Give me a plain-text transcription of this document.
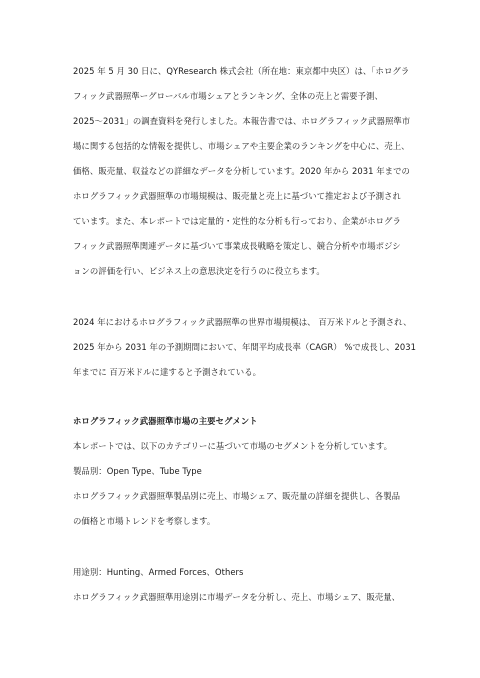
2025 年 5 月 30 日に、QYResearch 株式会社（所在地：東京都中央区）は、「ホログラ
フィック武器照準ーグローバル市場シェアとランキング、全体の売上と需要予測、
2025～2031」の調査資料を発行しました。本報告書では、ホログラフィック武器照準市
場に関する包括的な情報を提供し、市場シェアや主要企業のランキングを中心に、売上、
価格、販売量、収益などの詳細なデータを分析しています。2020 年から 2031 年までの
ホログラフィック武器照準の市場規模は、販売量と売上に基づいて推定および予測され
ています。また、本レポートでは定量的・定性的な分析も行っており、企業がホログラ
フィック武器照準関連データに基づいて事業成長戦略を策定し、競合分析や市場ポジシ
ョンの評価を行い、ビジネス上の意思決定を行うのに役立ちます。
2024 年におけるホログラフィック武器照準の世界市場規模は、 百万米ドルと予測され、
2025 年から 2031 年の予測期間において、年間平均成長率（CAGR） %で成長し、2031
年までに 百万米ドルに達すると予測されている。
ホログラフィック武器照準市場の主要セグメント
本レポートでは、以下のカテゴリーに基づいて市場のセグメントを分析しています。
製品別：Open Type、Tube Type
ホログラフィック武器照準製品別に売上、市場シェア、販売量の詳細を提供し、各製品
の価格と市場トレンドを考察します。
用途別：Hunting、Armed Forces、Others
ホログラフィック武器照準用途別に市場データを分析し、売上、市場シェア、販売量、
